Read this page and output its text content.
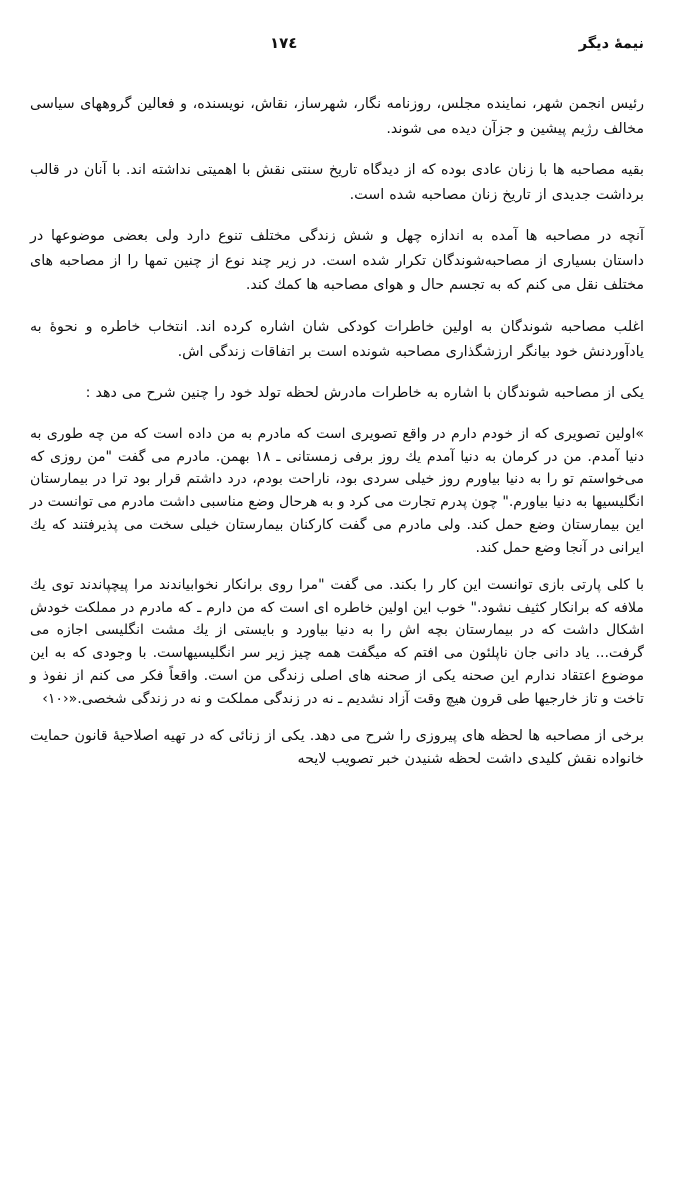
نیمهٔ دیگر
١٧٤

رئیس انجمن شهر، نماینده مجلس، روزنامه نگار، شهرساز، نقاش، نویسنده، و فعالین گروههای سیاسی مخالف رژیم پیشین و جزآن دیده می شوند.

بقیه مصاحبه ها با زنان عادی بوده که از دیدگاه تاریخ سنتی نقش با اهمیتی نداشته اند. با آنان در قالب برداشت جدیدی از تاریخ زنان مصاحبه شده است.

آنچه در مصاحبه ها آمده به اندازه چهل و شش زندگی مختلف تنوع دارد ولی بعضی موضوعها در داستان بسیاری از مصاحبه‌شوندگان تکرار شده است. در زیر چند نوع از چنین تمها را از مصاحبه های مختلف نقل می کنم که به تجسم حال و هوای مصاحبه ها کمك کند.

اغلب مصاحبه شوندگان به اولین خاطرات کودکی شان اشاره کرده اند. انتخاب خاطره و نحوهٔ به یادآوردنش خود بیانگر ارزشگذاری مصاحبه شونده است بر اتفاقات زندگی اش.

یکی از مصاحبه شوندگان با اشاره به خاطرات مادرش لحظه تولد خود را چنین شرح می دهد :

»اولین تصویری که از خودم دارم در واقع تصویری است که مادرم به من داده است که من چه طوری به دنیا آمدم. من در کرمان به دنیا آمدم یك روز برفی زمستانی ـ ۱۸ بهمن. مادرم می گفت "من روزی که می‌خواستم تو را به دنیا بیاورم روز خیلی سردی بود، ناراحت بودم، درد داشتم قرار بود ترا در بیمارستان انگلیسیها به دنیا بیاورم." چون پدرم تجارت می کرد و به هرحال وضع مناسبی داشت مادرم می توانست در این بیمارستان وضع حمل کند. ولی مادرم می گفت کارکنان بیمارستان خیلی سخت می پذیرفتند که یك ایرانی در آنجا وضع حمل کند.

با کلی پارتی بازی توانست این کار را بکند. می گفت "مرا روی برانکار نخوابیاندند مرا پیچپاندند توی یك ملافه که برانکار کثیف نشود." خوب این اولین خاطره ای است که من دارم ـ که مادرم در مملکت خودش اشکال داشت که در بیمارستان بچه اش را به دنیا بیاورد و بایستی از یك مشت انگلیسی اجازه می گرفت... یاد دانی جان ناپلئون می افتم که میگفت همه چیز زیر سر انگلیسیهاست. با وجودی که به این موضوع اعتقاد ندارم این صحنه یکی از صحنه های اصلی زندگی من است. واقعاً فکر می کنم از نفوذ و تاخت و تاز خارجیها طی قرون هیچ وقت آزاد نشدیم ـ نه در زندگی مملکت و نه در زندگی شخصی.«‹۱۰›

برخی از مصاحبه ها لحظه های پیروزی را شرح می دهد. یکی از زنائی که در تهیه اصلاحیهٔ قانون حمایت خانواده نقش کلیدی داشت لحظه شنیدن خبر تصویب لایحه
